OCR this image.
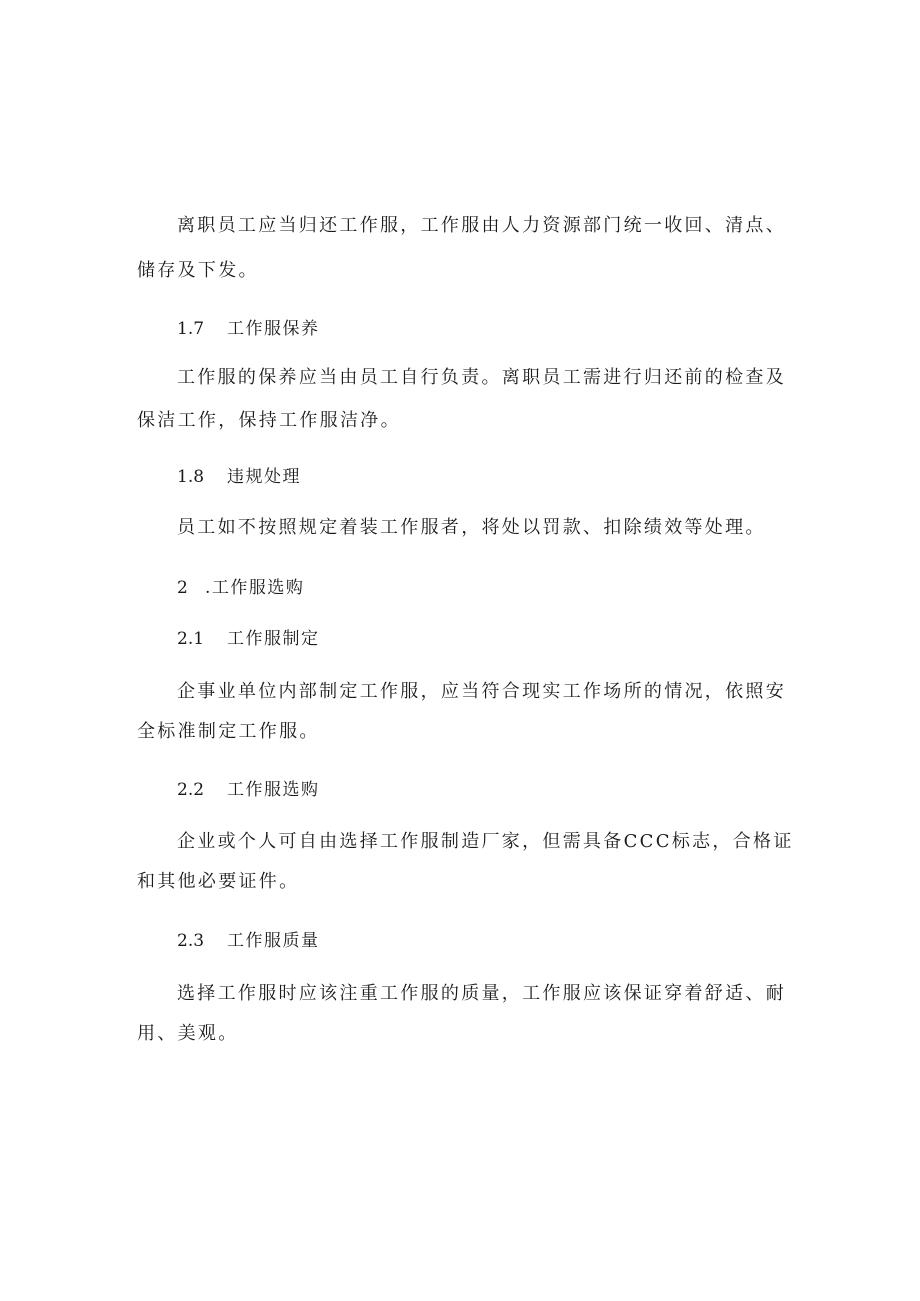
离职员工应当归还工作服，工作服由人力资源部门统一收回、清点、
储存及下发。
1.7 工作服保养
工作服的保养应当由员工自行负责。离职员工需进行归还前的检查及
保洁工作，保持工作服洁净。
1.8 违规处理
员工如不按照规定着装工作服者，将处以罚款、扣除绩效等处理。
2 .工作服选购
2.1 工作服制定
企事业单位内部制定工作服，应当符合现实工作场所的情况，依照安
全标准制定工作服。
2.2 工作服选购
企业或个人可自由选择工作服制造厂家，但需具备CCC标志，合格证
和其他必要证件。
2.3 工作服质量
选择工作服时应该注重工作服的质量，工作服应该保证穿着舒适、耐
用、美观。
